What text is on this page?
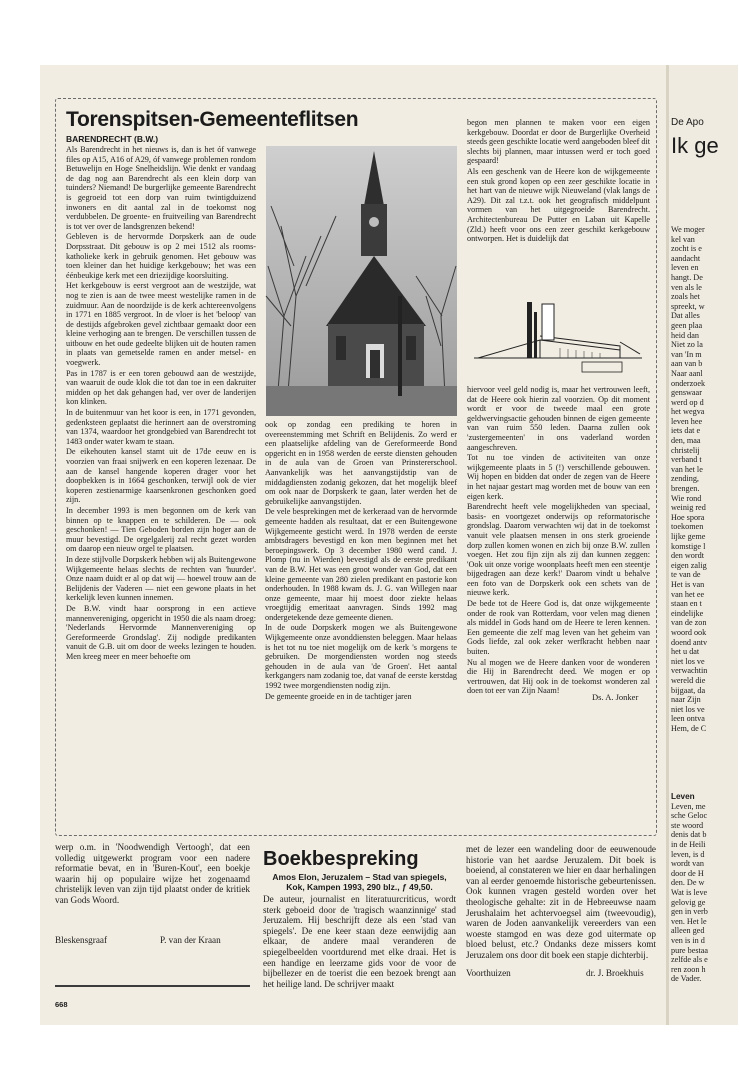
De Apo
Ik ge
We moger
kel van
zocht is e
aandacht
leven en
hangt. De
ven als le
zoals het
spreekt, w
Dat alles
geen plaa
heid dan
Niet zo la
van 'In m
aan van b
Naar aanl
onderzoek
genswaar
werd op d
het wegva
leven hee
iets dat e
den, maa
christelij
verband t
van het le
zending,
brengen.
Wie rond
weinig red
Hoe spora
toekomen
lijke geme
komstige l
den wordt
eigen zalig
te van de
Het is van
van het ee
staan en t
eindelijke
van de zon
woord ook
doend antv
het u dat
niet los ve
verwachtin
wereld die
bijgaat, da
naar Zijn
niet los ve
leen ontva
Hem, de C
Leven
Leven, me
sche Geloc
ste woord
denis dat b
in de Heili
leven, is d
wordt van
door de H
den. De w
Wat is leve
gelovig ge
gen in verb
ven. Het le
alleen ged
ven is in d
pure bestaa
zelfde als e
ren zoon h
de Vader.
Torenspitsen-Gemeenteflitsen
BARENDRECHT (B.W.)

Als Barendrecht in het nieuws is, dan is het óf vanwege files op A15, A16 of A29, óf vanwege problemen rondom Betuwelijn en Hoge Snelheidslijn. Wie denkt er vandaag de dag nog aan Barendrecht als een klein dorp van tuinders? Niemand! De burgerlijke gemeente Barendrecht is gegroeid tot een dorp van ruim twintigduizend inwoners en dit aantal zal in de toekomst nog verdubbelen. De groente- en fruitveiling van Barendrecht is tot ver over de landsgrenzen bekend!

Gebleven is de hervormde Dorpskerk aan de oude Dorpsstraat. Dit gebouw is op 2 mei 1512 als rooms-katholieke kerk in gebruik genomen. Het gebouw was toen kleiner dan het huidige kerkgebouw; het was een éénbeukige kerk met een driezijdige koorsluiting.

Het kerkgebouw is eerst vergroot aan de westzijde, wat nog te zien is aan de twee meest westelijke ramen in de zuidmuur. Aan de noordzijde is de kerk achtereenvolgens in 1771 en 1885 vergroot. In de vloer is het 'beloop' van de destijds afgebroken gevel zichtbaar gemaakt door een kleine verhoging aan te brengen. De verschillen tussen de uitbouw en het oude gedeelte blijken uit de houten ramen in plaats van gemetselde ramen en ander metsel- en voegwerk.

Pas in 1787 is er een toren gebouwd aan de westzijde, van waaruit de oude klok die tot dan toe in een dakruiter midden op het dak gehangen had, ver over de landerijen kon klinken.

In de buitenmuur van het koor is een, in 1771 gevonden, gedenksteen geplaatst die herinnert aan de overstroming van 1374, waardoor het grondgebied van Barendrecht tot 1483 onder water kwam te staan.

De eikehouten kansel stamt uit de 17de eeuw en is voorzien van fraai snijwerk en een koperen lezenaar. De aan de kansel hangende koperen drager voor het doopbekken is in 1664 geschonken, terwijl ook de vier koperen zestienarmige kaarsenkronen geschonken goed zijn.

In december 1993 is men begonnen om de kerk van binnen op te knappen en te schilderen. De — ook geschonken! — Tien Geboden borden zijn hoger aan de muur bevestigd. De orgelgalerij zal recht gezet worden om daarop een nieuw orgel te plaatsen.

In deze stijlvolle Dorpskerk hebben wij als Buitengewone Wijkgemeente helaas slechts de rechten van 'huurder'. Onze naam duidt er al op dat wij — hoewel trouw aan de Belijdenis der Vaderen — niet een gewone plaats in het kerkelijk leven kunnen innemen.

De B.W. vindt haar oorsprong in een actieve mannenvereniging, opgericht in 1950 die als naam droeg: 'Nederlands Hervormde Mannenvereniging op Gereformeerde Grondslag'. Zij nodigde predikanten vanuit de G.B. uit om door de weeks lezingen te houden. Men kreeg meer en meer behoefte om

ook op zondag een prediking te horen in overeenstemming met Schrift en Belijdenis. Zo werd er een plaatselijke afdeling van de Gereformeerde Bond opgericht en in 1958 werden de eerste diensten gehouden in de aula van de Groen van Prinstererschool. Aanvankelijk was het aanvangstijdstip van de middagdiensten zodanig gekozen, dat het mogelijk bleef om ook naar de Dorpskerk te gaan, later werden het de gebruikelijke aanvangstijden.

De vele besprekingen met de kerkeraad van de hervormde gemeente hadden als resultaat, dat er een Buitengewone Wijkgemeente gesticht werd. In 1978 werden de eerste ambtsdragers bevestigd en kon men beginnen met het beroepingswerk. Op 3 december 1980 werd cand. J. Plomp (nu in Wierden) bevestigd als de eerste predikant van de B.W. Het was een groot wonder van God, dat een kleine gemeente van 280 zielen predikant en pastorie kon onderhouden. In 1988 kwam ds. J. G. van Willegen naar onze gemeente, maar hij moest door ziekte helaas vroegtijdig emeritaat aanvragen. Sinds 1992 mag ondergetekende deze gemeente dienen.

In de oude Dorpskerk mogen we als Buitengewone Wijkgemeente onze avonddiensten beleggen. Maar helaas is het tot nu toe niet mogelijk om de kerk 's morgens te gebruiken. De morgendiensten worden nog steeds gehouden in de aula van 'de Groen'. Het aantal kerkgangers nam zodanig toe, dat vanaf de eerste kerstdag 1992 twee morgendiensten nodig zijn.

De gemeente groeide en in de tachtiger jaren

begon men plannen te maken voor een eigen kerkgebouw. Doordat er door de Burgerlijke Overheid steeds geen geschikte locatie werd aangeboden bleef dit slechts bij plannen, maar intussen werd er toch goed gespaard!

Als een geschenk van de Heere kon de wijkgemeente een stuk grond kopen op een zeer geschikte locatie in het hart van de nieuwe wijk Nieuweland (vlak langs de A29). Dit zal t.z.t. ook het geografisch middelpunt vormen van het uitgegroeide Barendrecht. Architectenbureau De Putter en Laban uit Kapelle (Zld.) heeft voor ons een zeer geschikt kerkgebouw ontworpen. Het is duidelijk dat

hiervoor veel geld nodig is, maar het vertrouwen leeft, dat de Heere ook hierin zal voorzien. Op dit moment wordt er voor de tweede maal een grote geldwervingsactie gehouden binnen de eigen gemeente van van ruim 550 leden. Daarna zullen ook 'zustergemeenten' in ons vaderland worden aangeschreven.

Tot nu toe vinden de activiteiten van onze wijkgemeente plaats in 5 (!) verschillende gebouwen. Wij hopen en bidden dat onder de zegen van de Heere in het najaar gestart mag worden met de bouw van een eigen kerk.

Barendrecht heeft vele mogelijkheden van speciaal, basis- en voortgezet onderwijs op reformatorische grondslag. Daarom verwachten wij dat in de toekomst vanuit vele plaatsen mensen in ons sterk groeiende dorp zullen komen wonen en zich bij onze B.W. zullen voegen. Het zou fijn zijn als zij dan kunnen zeggen: 'Ook uit onze vorige woonplaats heeft men een steentje bijgedragen aan deze kerk!' Daarom vindt u behalve een foto van de Dorpskerk ook een schets van de nieuwe kerk.

De bede tot de Heere God is, dat onze wijkgemeente onder de rook van Rotterdam, voor velen mag dienen als middel in Gods hand om de Heere te leren kennen. Een gemeente die zelf mag leven van het geheim van Gods liefde, zal ook zeker werfkracht hebben naar buiten.

Nu al mogen we de Heere danken voor de wonderen die Hij in Barendrecht deed. We mogen er op vertrouwen, dat Hij ook in de toekomst wonderen zal doen tot eer van Zijn Naam!

Ds. A. Jonker
werp o.m. in 'Noodwendigh Vertoogh', dat een volledig uitgewerkt program voor een nadere reformatie bevat, en in 'Buren-Kout', een boekje waarin hij op populaire wijze het zogenaamd christelijk leven van zijn tijd plaatst onder de kritiek van Gods Woord.
Bleskensgraaf	P. van der Kraan
Boekbespreking
Amos Elon, Jeruzalem – Stad van spiegels,
Kok, Kampen 1993, 290 blz., ƒ 49,50.
De auteur, journalist en literatuurcriticus, wordt sterk geboeid door de 'tragisch waanzinnige' stad Jeruzalem. Hij beschrijft deze als een 'stad van spiegels'. De ene keer staan deze eenwijdig aan elkaar, de andere maal veranderen de spiegelbeelden voortdurend met elke draai. Het is een handige en leerzame gids voor de voor de bijbellezer en de toerist die een bezoek brengt aan het heilige land. De schrijver maakt
met de lezer een wandeling door de eeuwenoude historie van het aardse Jeruzalem. Dit boek is boeiend, al constateren we hier en daar herhalingen van al eerder genoemde historische gebeurtenissen. Ook kunnen vragen gesteld worden over het theologische gehalte: zit in de Hebreeuwse naam Jerushalaim het achtervoegsel aim (tweevoudig), waren de Joden aanvankelijk vereerders van een woeste stamgod en was deze god uitermate op bloed belust, etc.? Ondanks deze missers komt Jeruzalem ons door dit boek een stapje dichterbij.
Voorthuizen	dr. J. Broekhuis
668
